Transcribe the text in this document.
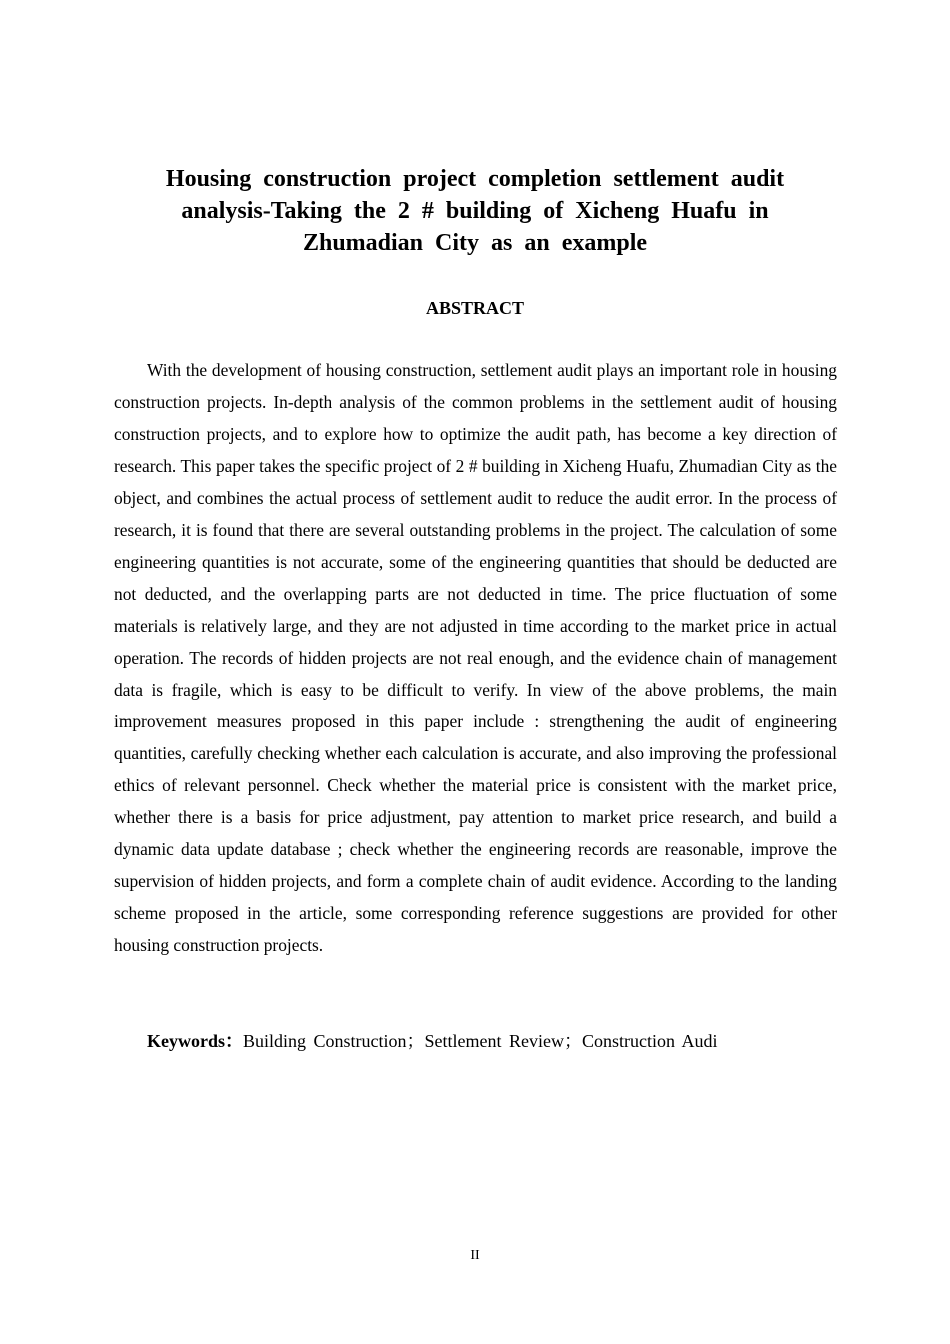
Housing construction project completion settlement audit analysis-Taking the 2 # building of Xicheng Huafu in Zhumadian City as an example
ABSTRACT

With the development of housing construction, settlement audit plays an important role in housing construction projects. In-depth analysis of the common problems in the settlement audit of housing construction projects, and to explore how to optimize the audit path, has become a key direction of research. This paper takes the specific project of 2 # building in Xicheng Huafu, Zhumadian City as the object, and combines the actual process of settlement audit to reduce the audit error. In the process of research, it is found that there are several outstanding problems in the project. The calculation of some engineering quantities is not accurate, some of the engineering quantities that should be deducted are not deducted, and the overlapping parts are not deducted in time. The price fluctuation of some materials is relatively large, and they are not adjusted in time according to the market price in actual operation. The records of hidden projects are not real enough, and the evidence chain of management data is fragile, which is easy to be difficult to verify. In view of the above problems, the main improvement measures proposed in this paper include : strengthening the audit of engineering quantities, carefully checking whether each calculation is accurate, and also improving the professional ethics of relevant personnel. Check whether the material price is consistent with the market price, whether there is a basis for price adjustment, pay attention to market price research, and build a dynamic data update database ; check whether the engineering records are reasonable, improve the supervision of hidden projects, and form a complete chain of audit evidence. According to the landing scheme proposed in the article, some corresponding reference suggestions are provided for other housing construction projects.

Keywords：Building Construction；Settlement Review；Construction Audi

II
